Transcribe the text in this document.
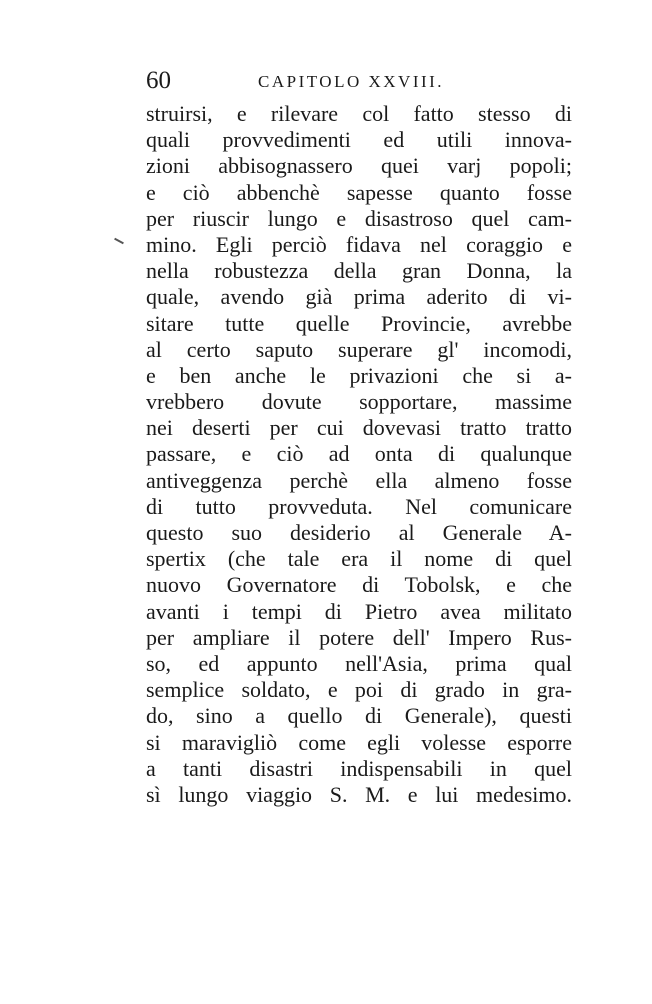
60	CAPITOLO XXVIII.
struirsi, e rilevare col fatto stesso di
quali provvedimenti ed utili innova-
zioni abbisognassero quei varj popoli;
e ciò abbenchè sapesse quanto fosse
per riuscir lungo e disastroso quel cam-
mino. Egli perciò fidava nel coraggio e
nella robustezza della gran Donna, la
quale, avendo già prima aderito di vi-
sitare tutte quelle Provincie, avrebbe
al certo saputo superare gl' incomodi,
e ben anche le privazioni che si a-
vrebbero dovute sopportare, massime
nei deserti per cui dovevasi tratto tratto
passare, e ciò ad onta di qualunque
antiveggenza perchè ella almeno fosse
di tutto provveduta. Nel comunicare
questo suo desiderio al Generale A-
spertix (che tale era il nome di quel
nuovo Governatore di Tobolsk, e che
avanti i tempi di Pietro avea militato
per ampliare il potere dell' Impero Rus-
so, ed appunto nell'Asia, prima qual
semplice soldato, e poi di grado in gra-
do, sino a quello di Generale), questi
si maravigliò come egli volesse esporre
a tanti disastri indispensabili in quel
sì lungo viaggio S. M. e lui medesimo.
